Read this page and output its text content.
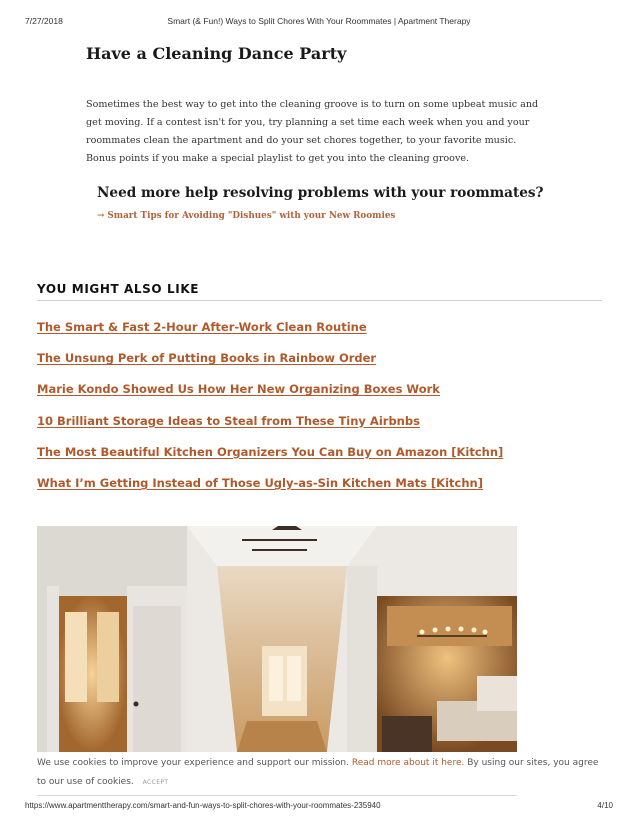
7/27/2018	Smart (& Fun!) Ways to Split Chores With Your Roommates | Apartment Therapy
Have a Cleaning Dance Party

Sometimes the best way to get into the cleaning groove is to turn on some upbeat music and get moving. If a contest isn't for you, try planning a set time each week when you and your roommates clean the apartment and do your set chores together, to your favorite music. Bonus points if you make a special playlist to get you into the cleaning groove.

Need more help resolving problems with your roommates?
→ Smart Tips for Avoiding "Dishues" with your New Roomies
YOU MIGHT ALSO LIKE
The Smart & Fast 2-Hour After-Work Clean Routine
The Unsung Perk of Putting Books in Rainbow Order
Marie Kondo Showed Us How Her New Organizing Boxes Work
10 Brilliant Storage Ideas to Steal from These Tiny Airbnbs
The Most Beautiful Kitchen Organizers You Can Buy on Amazon [Kitchn]
What I’m Getting Instead of Those Ugly-as-Sin Kitchen Mats [Kitchn]
We use cookies to improve your experience and support our mission. Read more about it here. By using our sites, you agree to our use of cookies. ACCEPT
https://www.apartmenttherapy.com/smart-and-fun-ways-to-split-chores-with-your-roommates-235940	4/10
